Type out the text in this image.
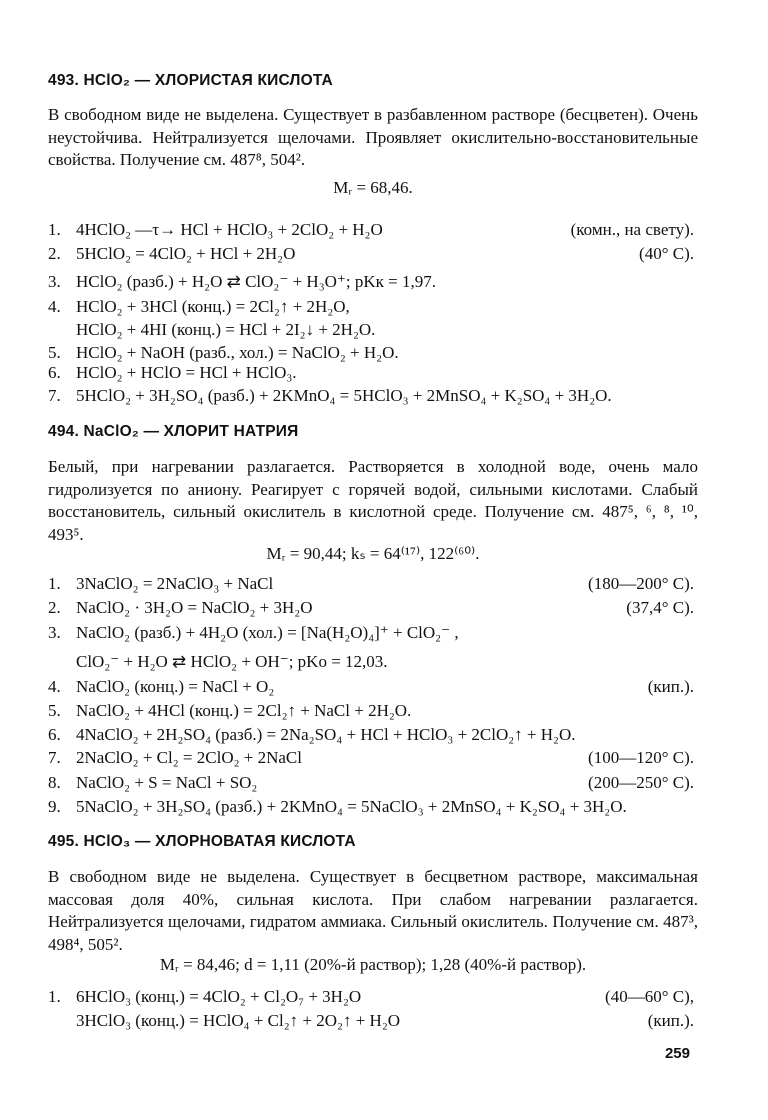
493. HClO₂ — ХЛОРИСТАЯ КИСЛОТА

В свободном виде не выделена. Существует в разбавленном растворе (бесцветен). Очень неустойчива. Нейтрализуется щелочами. Проявляет окислительно-восстановительные свойства. Получение см. 487⁸, 504².

Mᵣ = 68,46.
1. 4HClO₂ —τ→ HCl + HClO₃ + 2ClO₂ + H₂O	(комн., на свету).
2. 5HClO₂ = 4ClO₂ + HCl + 2H₂O	(40° C).
3. HClO₂ (разб.) + H₂O ⇄ ClO₂⁻ + H₃O⁺; pKк = 1,97.
4. HClO₂ + 3HCl (конц.) = 2Cl₂↑ + 2H₂O,
HClO₂ + 4HI (конц.) = HCl + 2I₂↓ + 2H₂O.
5. HClO₂ + NaOH (разб., хол.) = NaClO₂ + H₂O.
6. HClO₂ + HClO = HCl + HClO₃.
7. 5HClO₂ + 3H₂SO₄ (разб.) + 2KMnO₄ = 5HClO₃ + 2MnSO₄ + K₂SO₄ + 3H₂O.
494. NaClO₂ — ХЛОРИТ НАТРИЯ

Белый, при нагревании разлагается. Растворяется в холодной воде, очень мало гидролизуется по аниону. Реагирует с горячей водой, сильными кислотами. Слабый восстановитель, сильный окислитель в кислотной среде. Получение см. 487⁵, ⁶, ⁸, ¹⁰, 493⁵.

Mᵣ = 90,44; kₛ = 64⁽¹⁷⁾, 122⁽⁶⁰⁾.
1. 3NaClO₂ = 2NaClO₃ + NaCl	(180—200° C).
2. NaClO₂ · 3H₂O = NaClO₂ + 3H₂O	(37,4° C).
3. NaClO₂ (разб.) + 4H₂O (хол.) = [Na(H₂O)₄]⁺ + ClO₂⁻ ,
ClO₂⁻ + H₂O ⇄ HClO₂ + OH⁻; pKо = 12,03.
4. NaClO₂ (конц.) = NaCl + O₂	(кип.).
5. NaClO₂ + 4HCl (конц.) = 2Cl₂↑ + NaCl + 2H₂O.
6. 4NaClO₂ + 2H₂SO₄ (разб.) = 2Na₂SO₄ + HCl + HClO₃ + 2ClO₂↑ + H₂O.
7. 2NaClO₂ + Cl₂ = 2ClO₂ + 2NaCl	(100—120° C).
8. NaClO₂ + S = NaCl + SO₂	(200—250° C).
9. 5NaClO₂ + 3H₂SO₄ (разб.) + 2KMnO₄ = 5NaClO₃ + 2MnSO₄ + K₂SO₄ + 3H₂O.
495. HClO₃ — ХЛОРНОВАТАЯ КИСЛОТА

В свободном виде не выделена. Существует в бесцветном растворе, максимальная массовая доля 40%, сильная кислота. При слабом нагревании разлагается. Нейтрализуется щелочами, гидратом аммиака. Сильный окислитель. Получение см. 487³, 498⁴, 505².

Mᵣ = 84,46; d = 1,11 (20%-й раствор); 1,28 (40%-й раствор).
1. 6HClO₃ (конц.) = 4ClO₂ + Cl₂O₇ + 3H₂O	(40—60° C),
3HClO₃ (конц.) = HClO₄ + Cl₂↑ + 2O₂↑ + H₂O	(кип.).
259
